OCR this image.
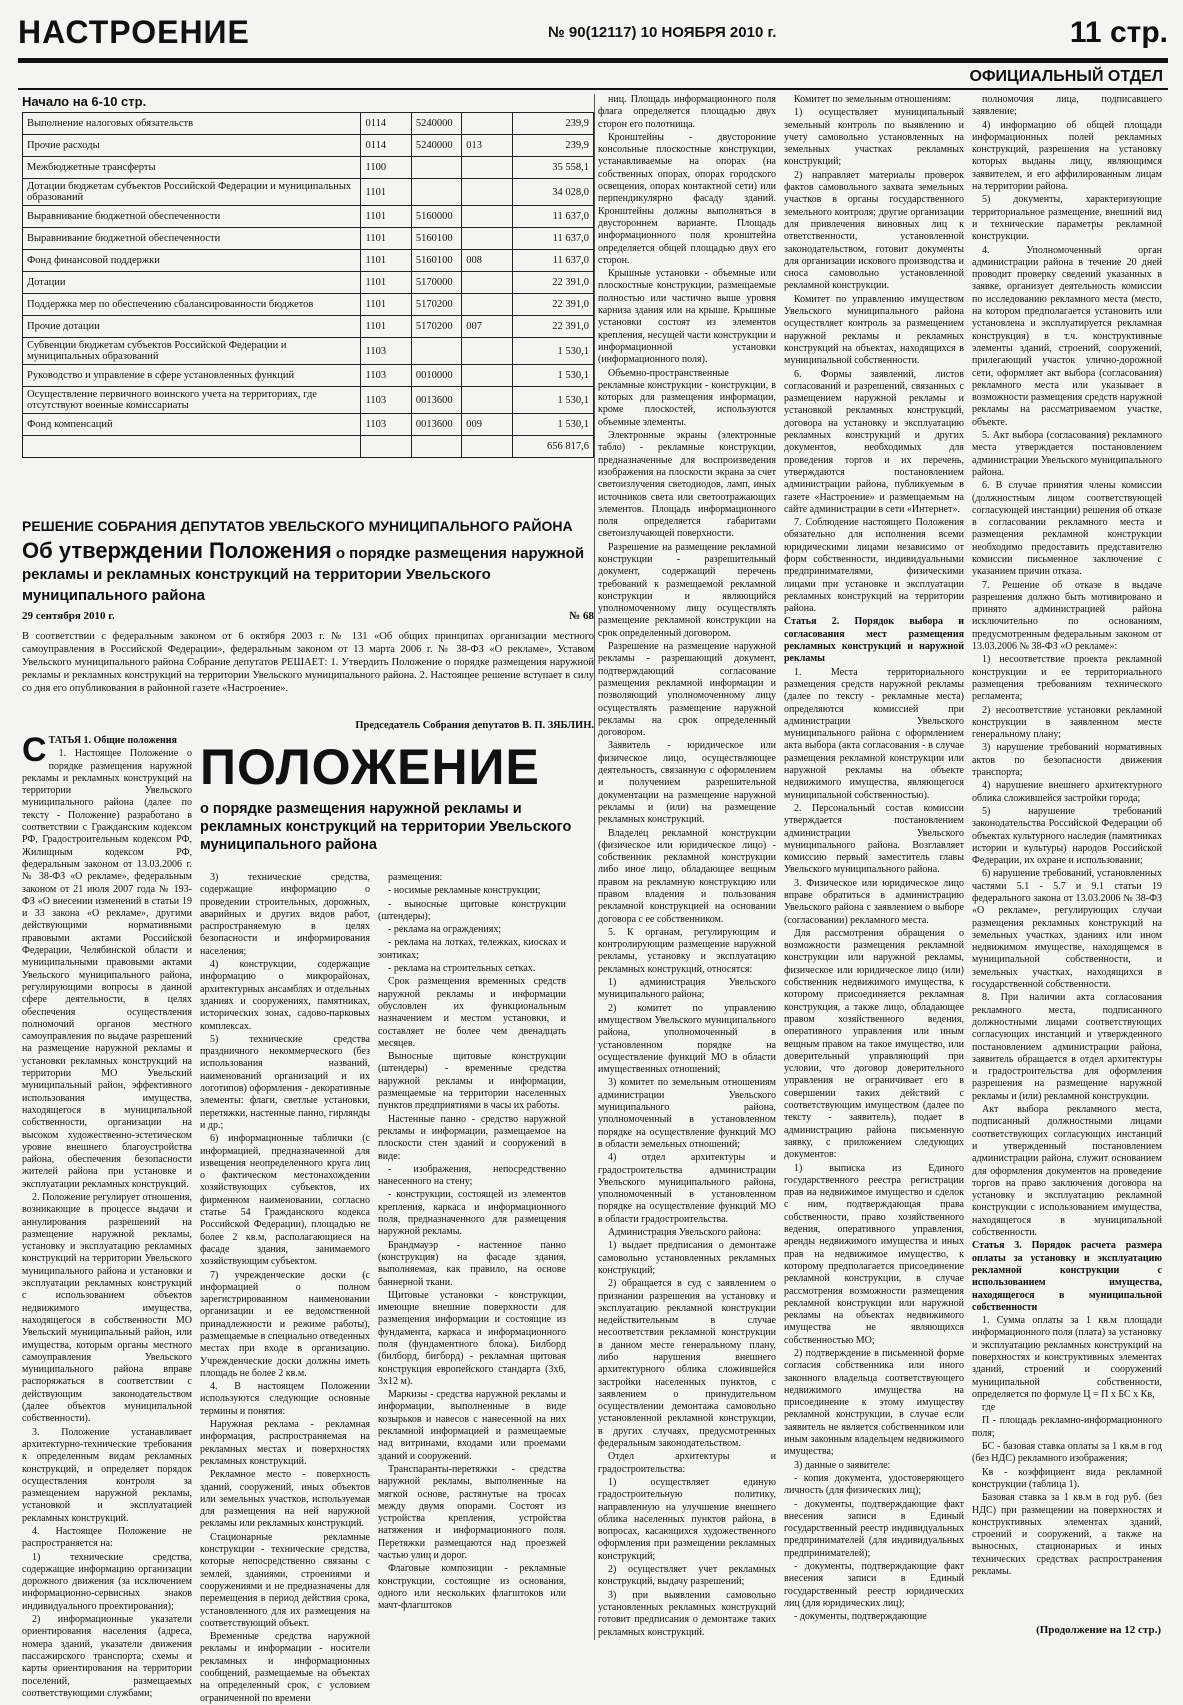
НАСТРОЕНИЕ	№ 90(12117) 10 НОЯБРЯ 2010 г.	11 стр.
ОФИЦИАЛЬНЫЙ ОТДЕЛ
Начало на 6-10 стр.
Выполнение налоговых обязательств	0114	5240000		239,9
Прочие расходы	0114	5240000	013	239,9
Межбюджетные трансферты	1100			35 558,1
Дотации бюджетам субъектов Российской Федерации и муниципальных образований	1101			34 028,0
Выравнивание бюджетной обеспеченности	1101	5160000		11 637,0
Выравнивание бюджетной обеспеченности	1101	5160100		11 637,0
Фонд финансовой поддержки	1101	5160100	008	11 637,0
Дотации	1101	5170000		22 391,0
Поддержка мер по обеспечению сбалансированности бюджетов	1101	5170200		22 391,0
Прочие дотации	1101	5170200	007	22 391,0
Субвенции бюджетам субъектов Российской Федерации и муниципальных образований	1103			1 530,1
Руководство и управление в сфере установленных функций	1103	0010000		1 530,1
Осуществление первичного воинского учета на территориях, где отсутствуют военные комиссариаты	1103	0013600		1 530,1
Фонд компенсаций	1103	0013600	009	1 530,1
				656 817,6
РЕШЕНИЕ СОБРАНИЯ ДЕПУТАТОВ УВЕЛЬСКОГО МУНИЦИПАЛЬНОГО РАЙОНА
Об утверждении Положения о порядке размещения наружной рекламы и рекламных конструкций на территории Увельского муниципального района
29 сентября 2010 г.	№ 68
В соответствии с федеральным законом от 6 октября 2003 г. № 131 «Об общих принципах организации местного самоуправления в Российской Федерации», федеральным законом от 13 марта 2006 г. № 38-ФЗ «О рекламе», Уставом Увельского муниципального района Собрание депутатов РЕШАЕТ: 1. Утвердить Положение о порядке размещения наружной рекламы и рекламных конструкций на территории Увельского муниципального района. 2. Настоящее решение вступает в силу со дня его опубликования в районной газете «Настроение».
Председатель Собрания депутатов В. П. ЗЯБЛИН.
ПОЛОЖЕНИЕ
о порядке размещения наружной рекламы и рекламных конструкций на территории Увельского муниципального района
С ТАТЬЯ 1. Общие положения

1. Настоящее Положение о порядке размещения наружной рекламы и рекламных конструкций на территории Увельского муниципального района (далее по тексту - Положение) разработано в соответствии с Гражданским кодексом РФ, Градостроительным кодексом РФ, Жилищным кодексом РФ, федеральным законом от 13.03.2006 г. № 38-ФЗ «О рекламе», федеральным законом от 21 июля 2007 года № 193-ФЗ «О внесении изменений в статьи 19 и 33 закона «О рекламе», другими действующими нормативными правовыми актами Российской Федерации, Челябинской области и муниципальными правовыми актами Увельского муниципального района, регулирующими вопросы в данной сфере деятельности, в целях обеспечения осуществления полномочий органов местного самоуправления по выдаче разрешений на размещение наружной рекламы и установки рекламных конструкций на территории МО Увельский муниципальный район, эффективного использования имущества, находящегося в муниципальной собственности, организации на высоком художественно-эстетическом уровне внешнего благоустройства района, обеспечения безопасности жителей района при установке и эксплуатации рекламных конструкций.

2. Положение регулирует отношения, возникающие в процессе выдачи и аннулирования разрешений на размещение наружной рекламы, установку и эксплуатацию рекламных конструкций на территории Увельского муниципального района и установки и эксплуатации рекламных конструкций с использованием объектов недвижимого имущества, находящегося в собственности МО Увельский муниципальный район, или имущества, которым органы местного самоуправления Увельского муниципального района вправе распоряжаться в соответствии с действующим законодательством (далее объектов муниципальной собственности).

3. Положение устанавливает архитектурно-технические требования к определенным видам рекламных конструкций, и определяет порядок осуществления контроля за размещением наружной рекламы, установкой и эксплуатацией рекламных конструкций.

4. Настоящее Положение не распространяется на:

1) технические средства, содержащие информацию организации дорожного движения (за исключением информационно-сервисных знаков индивидуального проектирования);

2) информационные указатели ориентирования населения (адреса, номера зданий, указатели движения пассажирского транспорта; схемы и карты ориентирования на территории поселений, размещаемых соответствующими службами;

3) технические средства, содержащие информацию о проведении строительных, дорожных, аварийных и других видов работ, распространяемую в целях безопасности и информирования населения;

4) конструкции, содержащие информацию о микрорайонах, архитектурных ансамблях и отдельных зданиях и сооружениях, памятниках, исторических зонах, садово-парковых комплексах.

5) технические средства праздничного некоммерческого (без использования названий, наименований организаций и их логотипов) оформления - декоративные элементы: флаги, светлые установки, перетяжки, настенные панно, гирлянды и др.;

6) информационные таблички (с информацией, предназначенной для извещения неопределенного круга лиц о фактическом местонахождении хозяйствующих субъектов, их фирменном наименовании, согласно статье 54 Гражданского кодекса Российской Федерации), площадью не более 2 кв.м, располагающиеся на фасаде здания, занимаемого хозяйствующим субъектом.

7) учрежденческие доски (с информацией о полном зарегистрированном наименовании организации и ее ведомственной принадлежности и режиме работы), размещаемые в специально отведенных местах при входе в организацию. Учрежденческие доски должны иметь площадь не более 2 кв.м.

4. В настоящем Положении используются следующие основные термины и понятия:

Наружная реклама - рекламная информация, распространяемая на рекламных местах и поверхностях рекламных конструкций.

Рекламное место - поверхность зданий, сооружений, иных объектов или земельных участков, используемая для размещения на ней наружной рекламы или рекламных конструкций.

Стационарные рекламные конструкции - технические средства, которые непосредственно связаны с землей, зданиями, строениями и сооружениями и не предназначены для перемещения в период действия срока, установленного для их размещения на соответствующий объект.

Временные средства наружной рекламы и информации - носители рекламных и информационных сообщений, размещаемые на объектах на определенный срок, с условием ограниченной по времени

размещения:

- носимые рекламные конструкции;

- выносные щитовые конструкции (штендеры);

- реклама на ограждениях;

- реклама на лотках, тележках, киосках и зонтиках;

- реклама на строительных сетках.

Срок размещения временных средств наружной рекламы и информации обусловлен их функциональным назначением и местом установки, и составляет не более чем двенадцать месяцев.

Выносные щитовые конструкции (штендеры) - временные средства наружной рекламы и информации, размещаемые на территории населенных пунктов предприятиями в часы их работы.

Настенные панно - средство наружной рекламы и информации, размещаемое на плоскости стен зданий и сооружений в виде:

- изображения, непосредственно нанесенного на стену;

- конструкции, состоящей из элементов крепления, каркаса и информационного поля, предназначенного для размещения наружной рекламы.

Брандмауэр - настенное панно (конструкция) на фасаде здания, выполняемая, как правило, на основе баннерной ткани.

Щитовые установки - конструкции, имеющие внешние поверхности для размещения информации и состоящие из фундамента, каркаса и информационного поля (фундаментного блока). Билборд (билборд, бигборд) - рекламная щитовая конструкция европейского стандарта (3х6, 3х12 м).

Маркизы - средства наружной рекламы и информации, выполненные в виде козырьков и навесов с нанесенной на них рекламной информацией и размещаемые над витринами, входами или проемами зданий и сооружений.

Транспаранты-перетяжки - средства наружной рекламы, выполненные на мягкой основе, растянутые на тросах между двумя опорами. Состоят из устройства крепления, устройства натяжения и информационного поля. Перетяжки размещаются над проезжей частью улиц и дорог.

Флаговые композиции - рекламные конструкции, состоящие из основания, одного или нескольких флагштоков или мачт-флагштоков

ниц. Площадь информационного поля флага определяется площадью двух сторон его полотнища.

Кронштейны - двусторонние консольные плоскостные конструкции, устанавливаемые на опорах (на собственных опорах, опорах городского освещения, опорах контактной сети) или перпендикулярно фасаду зданий. Кронштейны должны выполняться в двустороннем варианте. Площадь информационного поля кронштейна определяется общей площадью двух его сторон.

Крышные установки - объемные или плоскостные конструкции, размещаемые полностью или частично выше уровня карниза здания или на крыше. Крышные установки состоят из элементов крепления, несущей части конструкции и информационной установки (информационного поля).

Объемно-пространственные рекламные конструкции - конструкции, в которых для размещения информации, кроме плоскостей, используются объемные элементы.

Электронные экраны (электронные табло) - рекламные конструкции, предназначенные для воспроизведения изображения на плоскости экрана за счет светоизлучения светодиодов, ламп, иных источников света или светоотражающих элементов. Площадь информационного поля определяется габаритами светоизлучающей поверхности.

Разрешение на размещение рекламной конструкции - разрешительный документ, содержащий перечень требований к размещаемой рекламной конструкции и являющийся уполномоченному лицу осуществлять размещение рекламной конструкции на срок определенный договором.

Разрешение на размещение наружной рекламы - разрешающий документ, подтверждающий согласование размещения рекламной информации и позволяющий уполномоченному лицу осуществлять размещение наружной рекламы на срок определенный договором.

Заявитель - юридическое или физическое лицо, осуществляющее деятельность, связанную с оформлением и получением разрешительной документации на размещение наружной рекламы и (или) на размещение рекламных конструкций.

Владелец рекламной конструкции (физическое или юридическое лицо) - собственник рекламной конструкции либо иное лицо, обладающее вещным правом на рекламную конструкцию или правом владения и пользования рекламной конструкцией на основании договора с ее собственником.

5. К органам, регулирующим и контролирующим размещение наружной рекламы, установку и эксплуатацию рекламных конструкций, относятся:

1) администрация Увельского муниципального района;

2) комитет по управлению имуществом Увельского муниципального района, уполномоченный в установленном порядке на осуществление функций МО в области имущественных отношений;

3) комитет по земельным отношениям администрации Увельского муниципального района, уполномоченный в установленном порядке на осуществление функций МО в области земельных отношений;

4) отдел архитектуры и градостроительства администрации Увельского муниципального района, уполномоченный в установленном порядке на осуществление функций МО в области градостроительства.

Администрация Увельского района:

1) выдает предписания о демонтаже самовольно установленных рекламных конструкций;

2) обращается в суд с заявлением о признании разрешения на установку и эксплуатацию рекламной конструкции недействительным в случае несоответствия рекламной конструкции в данном месте генеральному плану, либо нарушения внешнего архитектурного облика сложившейся застройки населенных пунктов, с заявлением о принудительном осуществлении демонтажа самовольно установленной рекламной конструкции, в других случаях, предусмотренных федеральным законодательством.

Отдел архитектуры и градостроительства:

1) осуществляет единую градостроительную политику, направленную на улучшение внешнего облика населенных пунктов района, в вопросах, касающихся художественного оформления при размещении рекламных конструкций;

2) осуществляет учет рекламных конструкций, выдачу разрешений;

3) при выявлении самовольно установленных рекламных конструкций готовит предписания о демонтаже таких рекламных конструкций.

Комитет по земельным отношениям:

1) осуществляет муниципальный земельный контроль по выявлению и учету самовольно установленных на земельных участках рекламных конструкций;

2) направляет материалы проверок фактов самовольного захвата земельных участков в органы государственного земельного контроля; другие организации для привлечения виновных лиц к ответственности, установленной законодательством, готовит документы для организации искового производства и сноса самовольно установленной рекламной конструкции.

Комитет по управлению имуществом Увельского муниципального района осуществляет контроль за размещением наружной рекламы и рекламных конструкций на объектах, находящихся в муниципальной собственности.

6. Формы заявлений, листов согласований и разрешений, связанных с размещением наружной рекламы и установкой рекламных конструкций, договора на установку и эксплуатацию рекламных конструкций и других документов, необходимых для проведения торгов и их перечень, утверждаются постановлением администрации района, публикуемым в газете «Настроение» и размещаемым на сайте администрации в сети «Интернет».

7. Соблюдение настоящего Положения обязательно для исполнения всеми юридическими лицами независимо от форм собственности, индивидуальными предпринимателями, физическими лицами при установке и эксплуатации рекламных конструкций на территории района.

Статья 2. Порядок выбора и согласования мест размещения рекламных конструкций и наружной рекламы

1. Места территориального размещения средств наружной рекламы (далее по тексту - рекламные места) определяются комиссией при администрации Увельского муниципального района с оформлением акта выбора (акта согласования - в случае размещения рекламной конструкции или наружной рекламы на объекте недвижимого имущества, являющегося муниципальной собственностью).

2. Персональный состав комиссии утверждается постановлением администрации Увельского муниципального района. Возглавляет комиссию первый заместитель главы Увельского муниципального района.

3. Физическое или юридическое лицо вправе обратиться в администрацию Увельского района с заявлением о выборе (согласовании) рекламного места.

Для рассмотрения обращения о возможности размещения рекламной конструкции или наружной рекламы, физическое или юридическое лицо (или) собственник недвижимого имущества, к которому присоединяется рекламная конструкция, а также лицо, обладающее правом хозяйственного ведения, оперативного управления или иным вещным правом на такое имущество, или доверительный управляющий при условии, что договор доверительного управления не ограничивает его в совершении таких действий с соответствующим имуществом (далее по тексту - заявитель), подает в администрацию района письменную заявку, с приложением следующих документов:

1) выписка из Единого государственного реестра регистрации прав на недвижимое имущество и сделок с ним, подтверждающая права собственности, право хозяйственного ведения, оперативного управления, аренды недвижимого имущества и иных прав на недвижимое имущество, к которому предполагается присоединение рекламной конструкции, в случае рассмотрения возможности размещения рекламной конструкции или наружной рекламы на объектах недвижимого имущества не являющихся собственностью МО;

2) подтверждение в письменной форме согласия собственника или иного законного владельца соответствующего недвижимого имущества на присоединение к этому имуществу рекламной конструкции, в случае если заявитель не является собственником или иным законным владельцем недвижимого имущества;

3) данные о заявителе:

- копия документа, удостоверяющего личность (для физических лиц);

- документы, подтверждающие факт внесения записи в Единый государственный реестр индивидуальных предпринимателей (для индивидуальных предпринимателей);

- документы, подтверждающие факт внесения записи в Единый государственный реестр юридических лиц (для юридических лиц);

- документы, подтверждающие

полномочия лица, подписавшего заявление;

4) информацию об общей площади информационных полей рекламных конструкций, разрешения на установку которых выданы лицу, являющимся заявителем, и его аффилированным лицам на территории района.

5) документы, характеризующие территориальное размещение, внешний вид и технические параметры рекламной конструкции.

4. Уполномоченный орган администрации района в течение 20 дней проводит проверку сведений указанных в заявке, организует деятельность комиссии по исследованию рекламного места (место, на котором предполагается установить или установлена и эксплуатируется рекламная конструкция) в т.ч. конструктивные элементы зданий, строений, сооружений, прилегающий участок улично-дорожной сети, оформляет акт выбора (согласования) рекламного места или указывает в возможности размещения средств наружной рекламы на рассматриваемом участке, объекте.

5. Акт выбора (согласования) рекламного места утверждается постановлением администрации Увельского муниципального района.

6. В случае принятия члены комиссии (должностным лицом соответствующей согласующей инстанции) решения об отказе в согласовании рекламного места и размещения рекламной конструкции необходимо предоставить представителю комиссии письменное заключение с указанием причин отказа.

7. Решение об отказе в выдаче разрешения должно быть мотивировано и принято администрацией района исключительно по основаниям, предусмотренным федеральным законом от 13.03.2006 № 38-ФЗ «О рекламе»:

1) несоответствие проекта рекламной конструкции и ее территориального размещения требованиям технического регламента;

2) несоответствие установки рекламной конструкции в заявленном месте генеральному плану;

3) нарушение требований нормативных актов по безопасности движения транспорта;

4) нарушение внешнего архитектурного облика сложившейся застройки города;

5) нарушение требований законодательства Российской Федерации об объектах культурного наследия (памятниках истории и культуры) народов Российской Федерации, их охране и использовании;

6) нарушение требований, установленных частями 5.1 - 5.7 и 9.1 статьи 19 федерального закона от 13.03.2006 № 38-ФЗ «О рекламе», регулирующих случаи размещения рекламных конструкций на земельных участках, зданиях или ином недвижимом имуществе, находящемся в муниципальной собственности, и земельных участках, находящихся в государственной собственности.

8. При наличии акта согласования рекламного места, подписанного должностными лицами соответствующих согласующих инстанций и утвержденного постановлением администрации района, заявитель обращается в отдел архитектуры и градостроительства для оформления разрешения на размещение наружной рекламы и (или) рекламной конструкции.

Акт выбора рекламного места, подписанный должностными лицами соответствующих согласующих инстанций и утвержденный постановлением администрации района, служит основанием для оформления документов на проведение торгов на право заключения договора на установку и эксплуатацию рекламной конструкции с использованием имущества, находящегося в муниципальной собственности.

Статья 3. Порядок расчета размера оплаты за установку и эксплуатацию рекламной конструкции с использованием имущества, находящегося в муниципальной собственности

1. Сумма оплаты за 1 кв.м площади информационного поля (плата) за установку и эксплуатацию рекламных конструкций на поверхностях и конструктивных элементах зданий, строений и сооружений муниципальной собственности, определяется по формуле Ц = П х БС х Кв,

где

П - площадь рекламно-информационного поля;

БС - базовая ставка оплаты за 1 кв.м в год (без НДС) рекламного изображения;

Кв - коэффициент вида рекламной конструкции (таблица 1).

Базовая ставка за 1 кв.м в год руб. (без НДС) при размещении на поверхностях и конструктивных элементах зданий, строений и сооружений, а также на выносных, стационарных и иных технических средствах распространения рекламы.

(Продолжение на 12 стр.)
